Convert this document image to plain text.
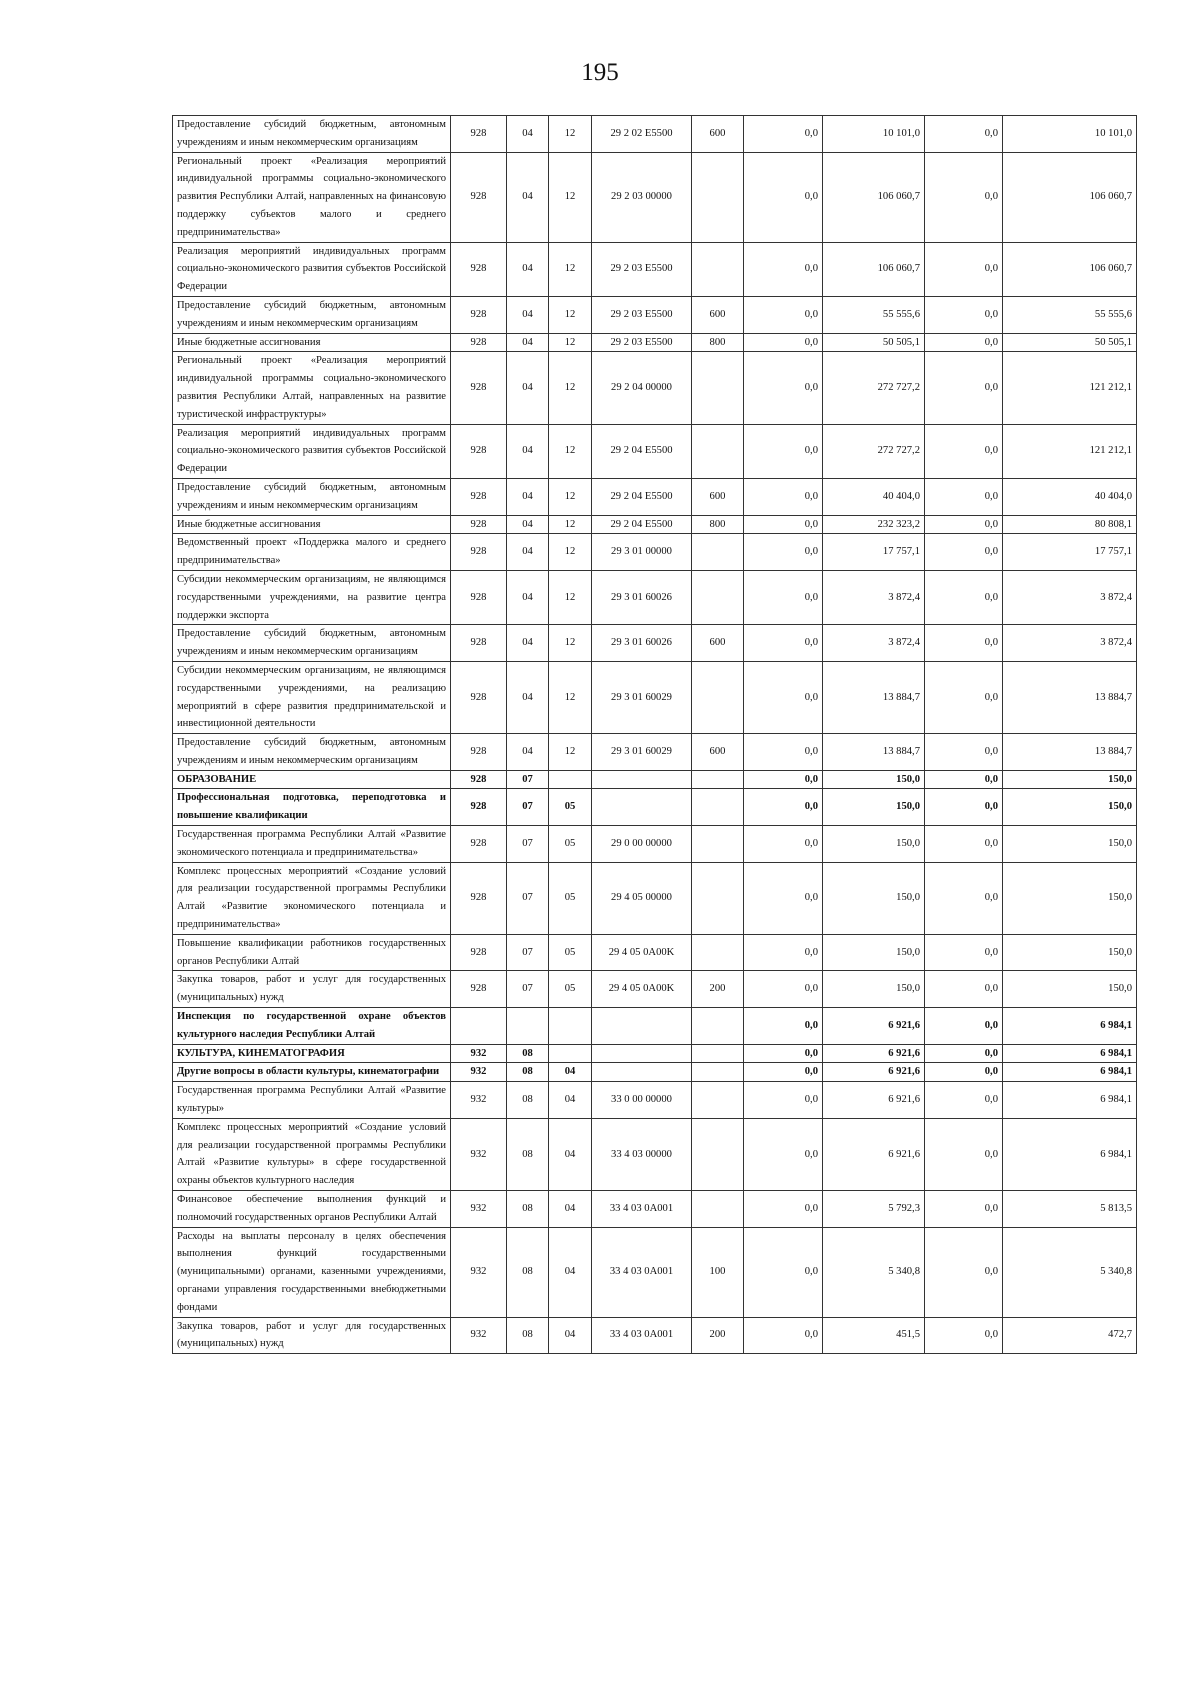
195
Предоставление субсидий бюджетным, автономным учреждениям и иным некоммерческим организациям	928	04	12	29 2 02 E5500	600	0,0	10 101,0	0,0	10 101,0
Региональный проект «Реализация мероприятий индивидуальной программы социально-экономического развития Республики Алтай, направленных на финансовую поддержку субъектов малого и среднего предпринимательства»	928	04	12	29 2 03 00000		0,0	106 060,7	0,0	106 060,7
Реализация мероприятий индивидуальных программ социально-экономического развития субъектов Российской Федерации	928	04	12	29 2 03 E5500		0,0	106 060,7	0,0	106 060,7
Предоставление субсидий бюджетным, автономным учреждениям и иным некоммерческим организациям	928	04	12	29 2 03 E5500	600	0,0	55 555,6	0,0	55 555,6
Иные бюджетные ассигнования	928	04	12	29 2 03 E5500	800	0,0	50 505,1	0,0	50 505,1
Региональный проект «Реализация мероприятий индивидуальной программы социально-экономического развития Республики Алтай, направленных на развитие туристической инфраструктуры»	928	04	12	29 2 04 00000		0,0	272 727,2	0,0	121 212,1
Реализация мероприятий индивидуальных программ социально-экономического развития субъектов Российской Федерации	928	04	12	29 2 04 E5500		0,0	272 727,2	0,0	121 212,1
Предоставление субсидий бюджетным, автономным учреждениям и иным некоммерческим организациям	928	04	12	29 2 04 E5500	600	0,0	40 404,0	0,0	40 404,0
Иные бюджетные ассигнования	928	04	12	29 2 04 E5500	800	0,0	232 323,2	0,0	80 808,1
Ведомственный проект «Поддержка малого и среднего предпринимательства»	928	04	12	29 3 01 00000		0,0	17 757,1	0,0	17 757,1
Субсидии некоммерческим организациям, не являющимся государственными учреждениями, на развитие центра поддержки экспорта	928	04	12	29 3 01 60026		0,0	3 872,4	0,0	3 872,4
Предоставление субсидий бюджетным, автономным учреждениям и иным некоммерческим организациям	928	04	12	29 3 01 60026	600	0,0	3 872,4	0,0	3 872,4
Субсидии некоммерческим организациям, не являющимся государственными учреждениями, на реализацию мероприятий в сфере развития предпринимательской и инвестиционной деятельности	928	04	12	29 3 01 60029		0,0	13 884,7	0,0	13 884,7
Предоставление субсидий бюджетным, автономным учреждениям и иным некоммерческим организациям	928	04	12	29 3 01 60029	600	0,0	13 884,7	0,0	13 884,7
ОБРАЗОВАНИЕ	928	07				0,0	150,0	0,0	150,0
Профессиональная подготовка, переподготовка и повышение квалификации	928	07	05			0,0	150,0	0,0	150,0
Государственная программа Республики Алтай «Развитие экономического потенциала и предпринимательства»	928	07	05	29 0 00 00000		0,0	150,0	0,0	150,0
Комплекс процессных мероприятий «Создание условий для реализации государственной программы Республики Алтай «Развитие экономического потенциала и предпринимательства»	928	07	05	29 4 05 00000		0,0	150,0	0,0	150,0
Повышение квалификации работников государственных органов Республики Алтай	928	07	05	29 4 05 0A00K		0,0	150,0	0,0	150,0
Закупка товаров, работ и услуг для государственных (муниципальных) нужд	928	07	05	29 4 05 0A00K	200	0,0	150,0	0,0	150,0
Инспекция по государственной охране объектов культурного наследия Республики Алтай						0,0	6 921,6	0,0	6 984,1
КУЛЬТУРА, КИНЕМАТОГРАФИЯ	932	08				0,0	6 921,6	0,0	6 984,1
Другие вопросы в области культуры, кинематографии	932	08	04			0,0	6 921,6	0,0	6 984,1
Государственная программа Республики Алтай «Развитие культуры»	932	08	04	33 0 00 00000		0,0	6 921,6	0,0	6 984,1
Комплекс процессных мероприятий «Создание условий для реализации государственной программы Республики Алтай «Развитие культуры» в сфере государственной охраны объектов культурного наследия	932	08	04	33 4 03 00000		0,0	6 921,6	0,0	6 984,1
Финансовое обеспечение выполнения функций и полномочий государственных органов Республики Алтай	932	08	04	33 4 03 0A001		0,0	5 792,3	0,0	5 813,5
Расходы на выплаты персоналу в целях обеспечения выполнения функций государственными (муниципальными) органами, казенными учреждениями, органами управления государственными внебюджетными фондами	932	08	04	33 4 03 0A001	100	0,0	5 340,8	0,0	5 340,8
Закупка товаров, работ и услуг для государственных (муниципальных) нужд	932	08	04	33 4 03 0A001	200	0,0	451,5	0,0	472,7
